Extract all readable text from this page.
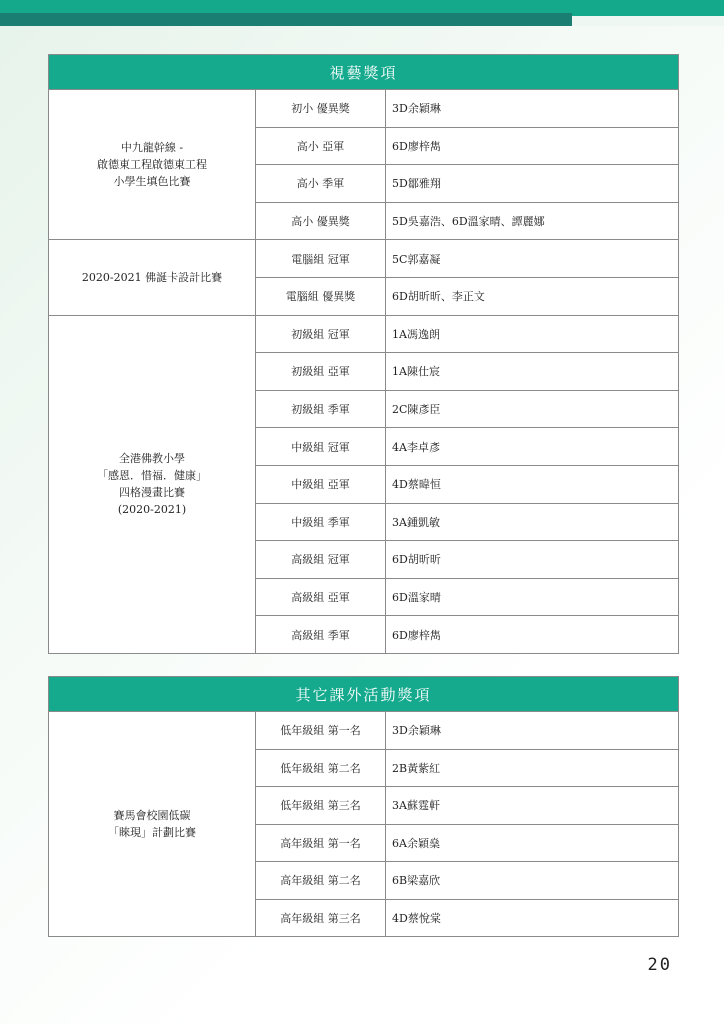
視藝獎項		

中九龍幹線 -
啟德東工程啟德東工程
小學生填色比賽	初小 優異獎	3D余穎琳
	高小 亞軍	6D廖梓雋
	高小 季軍	5D鄒雅翔
	高小 優異獎	5D吳嘉浩、6D溫家晴、譚麗娜

2020-2021 佛誕卡設計比賽	電腦組 冠軍	5C郭嘉凝
	電腦組 優異獎	6D胡昕昕、李正文

全港佛教小學
「感恩．惜福．健康」
四格漫畫比賽
(2020-2021)	初級組 冠軍	1A馮逸朗
	初級組 亞軍	1A陳仕宸
	初級組 季軍	2C陳彥臣
	中級組 冠軍	4A李卓彥
	中級組 亞軍	4D蔡暐恒
	中級組 季軍	3A鍾凱敏
	高級組 冠軍	6D胡昕昕
	高級組 亞軍	6D溫家晴
	高級組 季軍	6D廖梓雋
其它課外活動獎項		

賽馬會校園低碳
「睞現」計劃比賽	低年級組 第一名	3D余穎琳
	低年級組 第二名	2B黃紫紅
	低年級組 第三名	3A蘇霆軒
	高年級組 第一名	6A余穎燊
	高年級組 第二名	6B梁嘉欣
	高年級組 第三名	4D蔡悅棠
20
